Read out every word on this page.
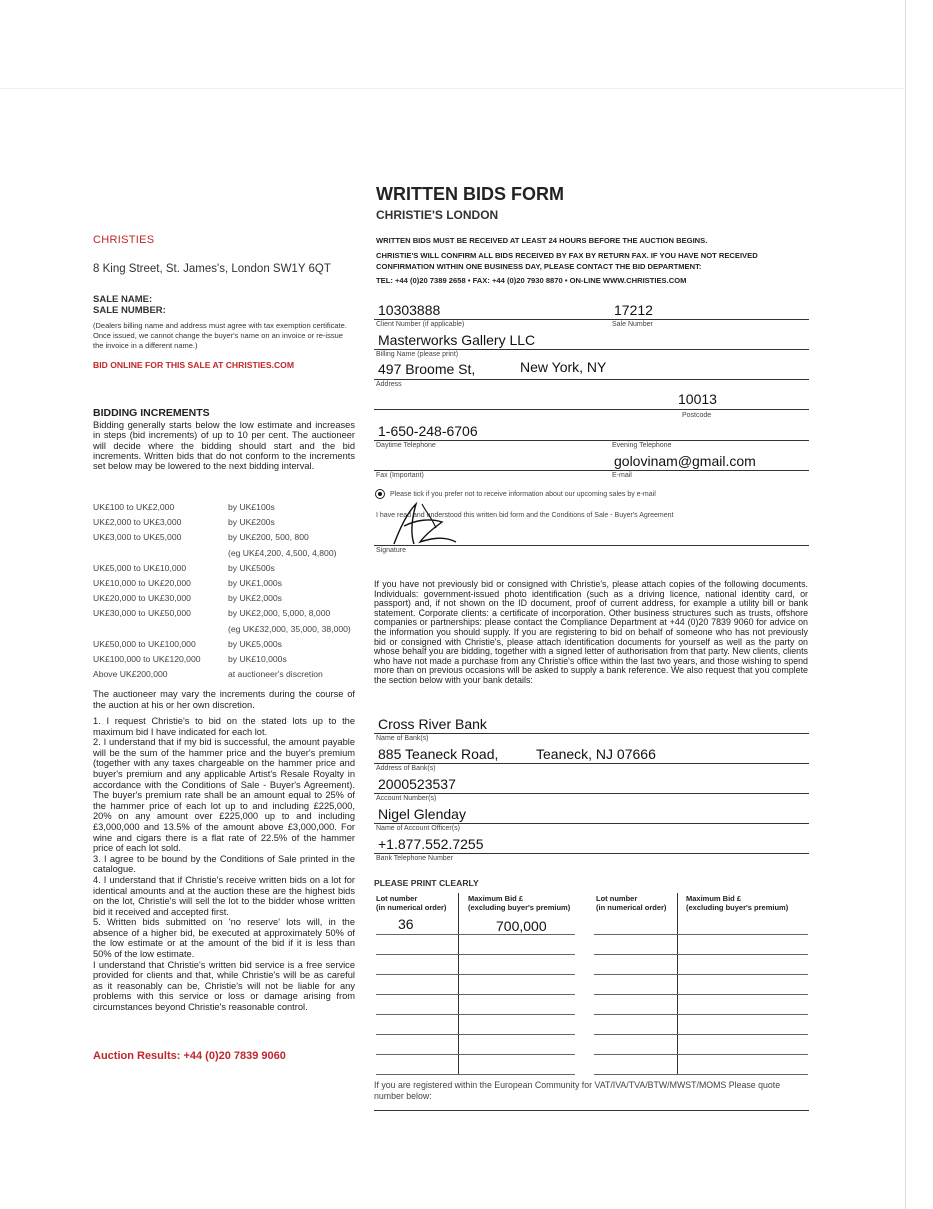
CHRISTIES
8 King Street, St. James's, London SW1Y 6QT
SALE NAME:
SALE NUMBER:
(Dealers billing name and address must agree with tax exemption certificate. Once issued, we cannot change the buyer's name on an invoice or re-issue the invoice in a different name.)
BID ONLINE FOR THIS SALE AT CHRISTIES.COM
BIDDING INCREMENTS
Bidding generally starts below the low estimate and increases in steps (bid increments) of up to 10 per cent. The auctioneer will decide where the bidding should start and the bid increments. Written bids that do not conform to the increments set below may be lowered to the next bidding interval.
UK£100 to UK£2,000	by UK£100s
UK£2,000 to UK£3,000	by UK£200s
UK£3,000 to UK£5,000	by UK£200, 500, 800
(eg UK£4,200, 4,500, 4,800)
UK£5,000 to UK£10,000	by UK£500s
UK£10,000 to UK£20,000	by UK£1,000s
UK£20,000 to UK£30,000	by UK£2,000s
UK£30,000 to UK£50,000	by UK£2,000, 5,000, 8,000
(eg UK£32,000, 35,000, 38,000)
UK£50,000 to UK£100,000	by UK£5,000s
UK£100,000 to UK£120,000	by UK£10,000s
Above UK£200,000	at auctioneer's discretion
The auctioneer may vary the increments during the course of the auction at his or her own discretion.
1. I request Christie's to bid on the stated lots up to the maximum bid I have indicated for each lot.
2. I understand that if my bid is successful, the amount payable will be the sum of the hammer price and the buyer's premium (together with any taxes chargeable on the hammer price and buyer's premium and any applicable Artist's Resale Royalty in accordance with the Conditions of Sale - Buyer's Agreement). The buyer's premium rate shall be an amount equal to 25% of the hammer price of each lot up to and including £225,000, 20% on any amount over £225,000 up to and including £3,000,000 and 13.5% of the amount above £3,000,000. For wine and cigars there is a flat rate of 22.5% of the hammer price of each lot sold.
3. I agree to be bound by the Conditions of Sale printed in the catalogue.
4. I understand that if Christie's receive written bids on a lot for identical amounts and at the auction these are the highest bids on the lot, Christie's will sell the lot to the bidder whose written bid it received and accepted first.
5. Written bids submitted on 'no reserve' lots will, in the absence of a higher bid, be executed at approximately 50% of the low estimate or at the amount of the bid if it is less than 50% of the low estimate.
I understand that Christie's written bid service is a free service provided for clients and that, while Christie's will be as careful as it reasonably can be, Christie's will not be liable for any problems with this service or loss or damage arising from circumstances beyond Christie's reasonable control.
Auction Results: +44 (0)20 7839 9060
WRITTEN BIDS FORM
CHRISTIE'S LONDON
WRITTEN BIDS MUST BE RECEIVED AT LEAST 24 HOURS BEFORE THE AUCTION BEGINS.
CHRISTIE'S WILL CONFIRM ALL BIDS RECEIVED BY FAX BY RETURN FAX. IF YOU HAVE NOT RECEIVED CONFIRMATION WITHIN ONE BUSINESS DAY, PLEASE CONTACT THE BID DEPARTMENT:
TEL: +44 (0)20 7389 2658 • FAX: +44 (0)20 7930 8870 • ON-LINE WWW.CHRISTIES.COM
10303888	17212
Client Number (if applicable)	Sale Number
Masterworks Gallery LLC
Billing Name (please print)
497 Broome St,	New York, NY
Address
10013
Postcode
1-650-248-6706
Daytime Telephone	Evening Telephone
golovinam@gmail.com
Fax (Important)	E-mail
Please tick if you prefer not to receive information about our upcoming sales by e-mail
I have read and understood this written bid form and the Conditions of Sale - Buyer's Agreement
Signature
If you have not previously bid or consigned with Christie's, please attach copies of the following documents. Individuals: government-issued photo identification (such as a driving licence, national identity card, or passport) and, if not shown on the ID document, proof of current address, for example a utility bill or bank statement. Corporate clients: a certificate of incorporation. Other business structures such as trusts, offshore companies or partnerships: please contact the Compliance Department at +44 (0)20 7839 9060 for advice on the information you should supply. If you are registering to bid on behalf of someone who has not previously bid or consigned with Christie's, please attach identification documents for yourself as well as the party on whose behalf you are bidding, together with a signed letter of authorisation from that party. New clients, clients who have not made a purchase from any Christie's office within the last two years, and those wishing to spend more than on previous occasions will be asked to supply a bank reference. We also request that you complete the section below with your bank details:
Cross River Bank
Name of Bank(s)
885 Teaneck Road,	Teaneck, NJ 07666
Address of Bank(s)
2000523537
Account Number(s)
Nigel Glenday
Name of Account Officer(s)
+1.877.552.7255
Bank Telephone Number
PLEASE PRINT CLEARLY
Lot number
(in numerical order)
Maximum Bid £
(excluding buyer's premium)
Lot number
(in numerical order)
Maximum Bid £
(excluding buyer's premium)
36	700,000
If you are registered within the European Community for VAT/IVA/TVA/BTW/MWST/MOMS Please quote number below:
